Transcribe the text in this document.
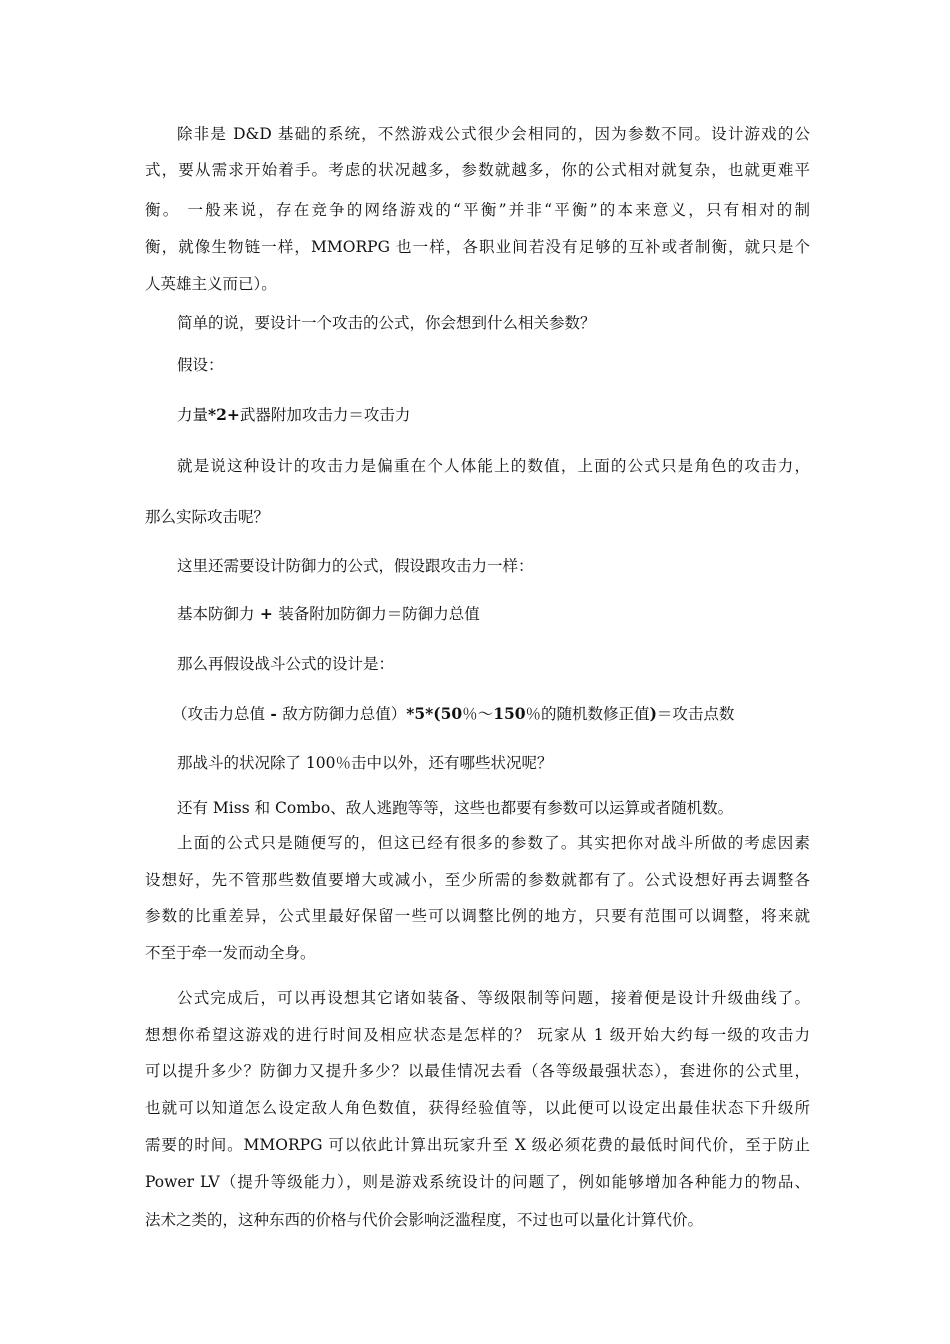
除非是 D&D 基础的系统，不然游戏公式很少会相同的，因为参数不同。设计游戏的公
式，要从需求开始着手。考虑的状况越多，参数就越多，你的公式相对就复杂，也就更难平
衡。 一般来说，存在竞争的网络游戏的“平衡”并非“平衡”的本来意义，只有相对的制
衡，就像生物链一样，MMORPG 也一样，各职业间若没有足够的互补或者制衡，就只是个
人英雄主义而已）。
简单的说，要设计一个攻击的公式，你会想到什么相关参数？
假设：
力量*2+武器附加攻击力＝攻击力
就是说这种设计的攻击力是偏重在个人体能上的数值，上面的公式只是角色的攻击力，
那么实际攻击呢？
这里还需要设计防御力的公式，假设跟攻击力一样：
基本防御力 + 装备附加防御力＝防御力总值
那么再假设战斗公式的设计是：
（攻击力总值 - 敌方防御力总值）*5*(50％～150％的随机数修正值)＝攻击点数
那战斗的状况除了 100％击中以外，还有哪些状况呢？
还有 Miss 和 Combo、敌人逃跑等等，这些也都要有参数可以运算或者随机数。
上面的公式只是随便写的，但这已经有很多的参数了。其实把你对战斗所做的考虑因素
设想好，先不管那些数值要增大或减小，至少所需的参数就都有了。公式设想好再去调整各
参数的比重差异，公式里最好保留一些可以调整比例的地方，只要有范围可以调整，将来就
不至于牵一发而动全身。
公式完成后，可以再设想其它诸如装备、等级限制等问题，接着便是设计升级曲线了。
想想你希望这游戏的进行时间及相应状态是怎样的？ 玩家从 1 级开始大约每一级的攻击力
可以提升多少？防御力又提升多少？以最佳情况去看（各等级最强状态），套进你的公式里，
也就可以知道怎么设定敌人角色数值，获得经验值等，以此便可以设定出最佳状态下升级所
需要的时间。MMORPG 可以依此计算出玩家升至 X 级必须花费的最低时间代价，至于防止
Power LV（提升等级能力），则是游戏系统设计的问题了，例如能够增加各种能力的物品、
法术之类的，这种东西的价格与代价会影响泛滥程度，不过也可以量化计算代价。
